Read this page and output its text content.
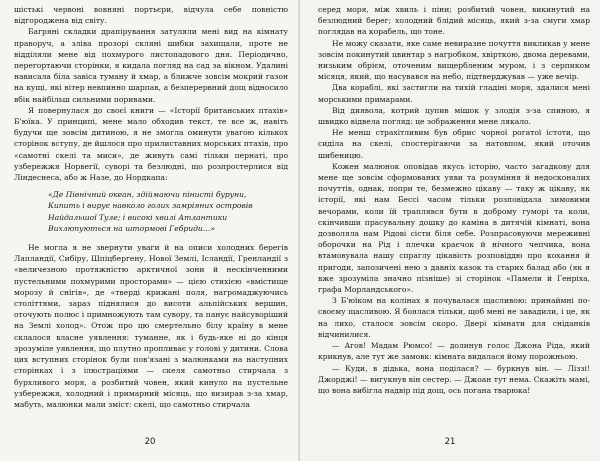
шістькі червоні вовняні портьєри, відчула себе повністю відгороджена від світу.

Багряні складки драпірування затуляли мені вид на кімнату праворуч, а зліва прозорі скляні шибки захищали, проте не відділяли мене від похмурого листопадового дня. Періодично, перегортаючи сторінки, я кидала погляд на сад за вікном. Удалині нависала біла завіса туману й хмар, а ближче зовсім мокрий газон на кущі, які вітер невпинно шарпав, а безперервний дощ відносило вбік найбільш сильними поривами.

Я повернулася до своєї книги — «Історії британських птахів» Б'юїка. У принципі, мене мало обходив текст, те все ж, навіть будучи ще зовсім дитиною, я не змогла оминути увагою кількох сторінок вступу, де йшлося про прилиставних морських птахів, про «самотні скелі та миси», де живуть самі тільки пернаті, про узбережжя Норвегії, суворі та безлюдні, що розпростерлися від Ліндеснеса, або ж Назе, до Нордкапа:

«Де Північний океан, здіймаючи пінисті буруни,
Кипить і вирує навколо голих замріяних островів
Найдальшої Туле; і високі хвилі Атлантики
Вихлюпуються на штормові Гебриди…»

Не могла я не звернути уваги й на описи холодних берегів Лапландії, Сибіру, Шпіцбергену, Нової Землі, Ісландії, Гренландії з «величезною протяжністю арктичної зони й нескінченними пустельними похмурими просторами» — цією стихією «вмістище морозу й снігів», де «тверді крижані поля, нагромаджуючись століттями, зараз піднялися до висоти альпійських вершин, оточують полюс і примножують там сувору, та панує найсуворіший на Землі холод». Отож про цю смертельно білу країну в мене склалося власне уявлення: туманне, як і будь-яке ні до кінця зрозуміле уявлення, що плутно пропливає у голові у дитини. Слова цих вступних сторінок були пов'язані з малюнками на наступних сторінках і з ілюстраціями — скеля самотньо стирчала з бурхливого моря, а розбитий човен, який кинуло на пустельне узбережжя, холодний і примарний місяць, що визирав з-за хмар, мабуть, малюнки мали зміст: скелі, що самотньо стирчала

20

серед моря, між хвиль і піни; розбитий човен, викинутий на безлюдний берег; холодний блідий місяць, який з-за смуги хмар поглядав на корабель, що тоне.

Не можу сказати, яке саме невиразне почуття викликав у мене зовсім покинутий цвинтар з нагробком, хвірткою, двома деревами, низьким обрієм, оточеним вищербленим муром, і з серпиком місяця, який, що насувався на небо, підтверджував — уже вечір.

Два кораблі, які застигли на тихій гладіні моря, здалися мені морськими примарами.

Від диявола, котрий цупив мішок у злодія з-за спиною, я швидко відвела погляд: це зображення мене лякало.

Не менш страхітливим був обрис чорної рогатої істоти, що сиділа на скелі, спостерігаючи за натовпом, який оточив шибеницю.

Кожен малюнок оповідав якусь історію, часто загадкову для мене ще зовсім сформованих уяви та розуміння й недосконалих почуттів, однак, попри те, безмежно цікаву — таку ж цікаву, як історії, які нам Бессі часом тільки розповідала зимовими вечорами, коли їй траплявся бути в доброму гуморі та коли, скінчивши прасувальну дошку до каміна в дитячій кімнаті, вона дозволяла нам Рідові сісти біля себе. Розпрасовуючи мереживні оборочки на Рід і плечки краєчок й нічного чепчика, вона втамовувала нашу спраглу цікавість розповіддю про кохання й пригоди, запозичені нею з давніх казок та старих балад або (як я вже зрозуміла значно пізніше) зі сторінок «Памели й Генріха, графа Морландського».

З Б'юїком на колінах я почувалася щасливою: принаймні по-своєму щасливою. Я боялася тільки, щоб мені не завадили, і це, як на лихо, сталося зовсім скоро. Двері кімнати для сніданків відчинилися.

— Агов! Мадам Рюмсо! — долинув голос Джона Ріда, який крикнув, але тут же замовк: кімната видалася йому порожньою.

— Куди, в дідька, вона поділася? — буркнув він. — Ліззі! Джорджі! — вигукнув він сестер. — Джоан тут нема. Скажіть мамі, що вона вибігла надвір під дощ, ось погана тварюка!

21
